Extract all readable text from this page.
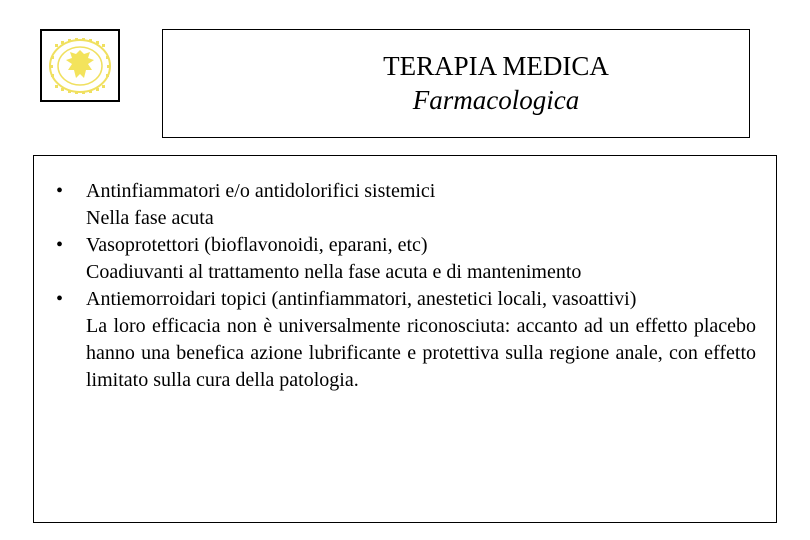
TERAPIA MEDICA
Farmacologica
• Antinfiammatori e/o antidolorifici sistemici
Nella fase acuta
• Vasoprotettori (bioflavonoidi, eparani, etc)
Coadiuvanti al trattamento nella fase acuta e di mantenimento
• Antiemorroidari topici (antinfiammatori, anestetici locali, vasoattivi)
La loro efficacia non è universalmente riconosciuta: accanto ad un effetto placebo hanno una benefica azione lubrificante e protettiva sulla regione anale, con effetto limitato sulla cura della patologia.
